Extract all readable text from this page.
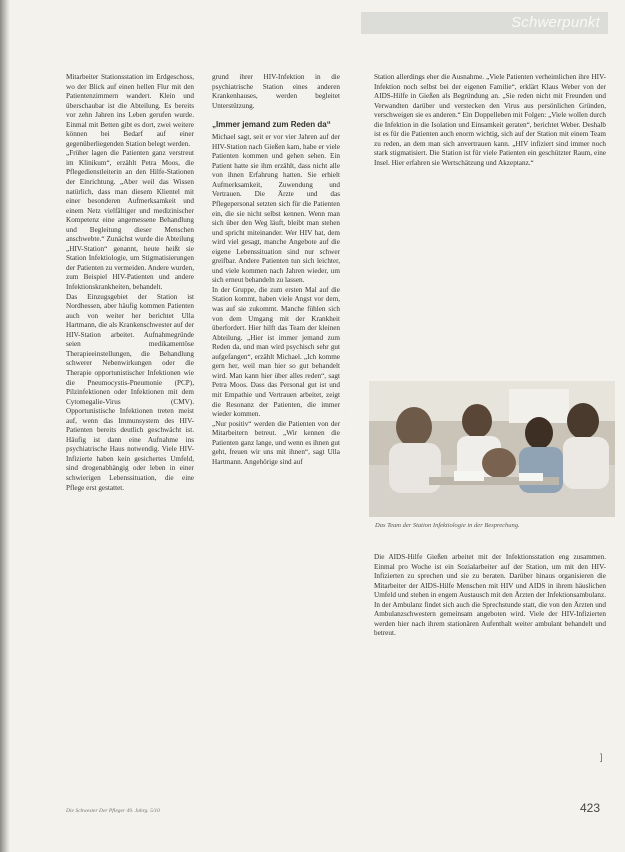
Schwerpunkt

Mitarbeiter Stationsstation im Erdgeschoss, wo der Blick auf einen hellen Flur mit den Patientenzimmern wandert. Klein und überschaubar ist die Abteilung. Es bereits vor zehn Jahren ins Leben gerufen wurde. Einmal mit Betten gibt es dort, zwei weitere können bei Bedarf auf einer gegenüberliegenden Station belegt werden.

„Früher lagen die Patienten ganz verstreut im Klinikum“, erzählt Petra Moos, die Pflegedienstleiterin an den Hilfe-Stationen der Einrichtung. „Aber weil das Wissen natürlich, dass man diesem Klientel mit einer besonderen Aufmerksamkeit und einem Netz vielfältiger und medizinischer Kompetenz eine angemessene Behandlung und Begleitung dieser Menschen anschwebte.“ Zunächst wurde die Abteilung „HIV-Station“ genannt, heute heißt sie Station Infektiologie, um Stigmatisierungen der Patienten zu vermeiden. Andere wurden, zum Beispiel HIV-Patienten und andere Infektionskrankheiten, behandelt.

Das Einzugsgebiet der Station ist Nordhessen, aber häufig kommen Patienten auch von weiter her berichtet Ulla Hartmann, die als Krankenschwester auf der HIV-Station arbeitet. Aufnahmegründe seien medikamentöse Therapieeinstellungen, die Behandlung schwerer Nebenwirkungen oder die Therapie opportunistischer Infektionen wie die Pneumocystis-Pneumonie (PCP), Pilzinfektionen oder Infektionen mit dem Cytomegalie-Virus (CMV). Opportunistische Infektionen treten meist auf, wenn das Immunsystem des HIV-Patienten bereits deutlich geschwächt ist. Häufig ist dann eine Aufnahme ins psychiatrische Haus notwendig. Viele HIV-Infizierte haben kein gesichertes Umfeld, sind drogenabhängig oder leben in einer schwierigen Lebenssituation, die eine Pflege erst gestattet.

grund ihrer HIV-Infektion in die psychiatrische Station eines anderen Krankenhauses, werden begleitet Unterstützung.

„Immer jemand zum Reden da“

Michael sagt, seit er vor vier Jahren auf der HIV-Station nach Gießen kam, habe er viele Patienten kommen und gehen sehen. Ein Patient hatte sie ihm erzählt, dass nicht alle von ihnen Erfahrung hatten. Sie erhielt Aufmerksamkeit, Zuwendung und Vertrauen. Die Ärzte und das Pflegepersonal setzten sich für die Patienten ein, die sie nicht selbst kennen. Wenn man sich über den Weg läuft, bleibt man stehen und spricht miteinander. Wer HIV hat, dem wird viel gesagt, manche Angebote auf die eigene Lebenssituation sind nur schwer greifbar. Andere Patienten tun sich leichter, und viele kommen nach Jahren wieder, um sich erneut behandeln zu lassen.

In der Gruppe, die zum ersten Mal auf die Station kommt, haben viele Angst vor dem, was auf sie zukommt. Manche fühlen sich von dem Umgang mit der Krankheit überfordert. Hier hilft das Team der kleinen Abteilung. „Hier ist immer jemand zum Reden da, und man wird psychisch sehr gut aufgefangen“, erzählt Michael. „Ich komme gern her, weil man hier so gut behandelt wird. Man kann hier über alles reden“, sagt Petra Moos. Dass das Personal gut ist und mit Empathie und Vertrauen arbeitet, zeigt die Resonanz der Patienten, die immer wieder kommen.

„Nur positiv“ werden die Patienten von der Mitarbeitern betreut. „Wir kennen die Patienten ganz lange, und wenn es ihnen gut geht, freuen wir uns mit ihnen“, sagt Ulla Hartmann. Angehörige sind auf

Station allerdings eher die Ausnahme. „Viele Patienten verheimlichen ihre HIV-Infektion noch selbst bei der eigenen Familie“, erklärt Klaus Weber von der AIDS-Hilfe in Gießen als Begründung an. „Sie reden nicht mit Freunden und Verwandten darüber und verstecken den Virus aus persönlichen Gründen, verschweigen sie es anderen.“ Ein Doppelleben mit Folgen: „Viele wollen durch die Infektion in die Isolation und Einsamkeit geraten“, berichtet Weber. Deshalb ist es für die Patienten auch enorm wichtig, sich auf der Station mit einem Team zu reden, an dem man sich anvertrauen kann. „HIV infiziert sind immer noch stark stigmatisiert. Die Station ist für viele Patienten ein geschützter Raum, eine Insel. Hier erfahren sie Wertschätzung und Akzeptanz.“

Foto: privat
Das Team der Station Infektiologie in der Besprechung.

Die AIDS-Hilfe Gießen arbeitet mit der Infektionsstation eng zusammen. Einmal pro Woche ist ein Sozialarbeiter auf der Station, um mit den HIV-Infizierten zu sprechen und sie zu beraten. Darüber hinaus organisieren die Mitarbeiter der AIDS-Hilfe Menschen mit HIV und AIDS in ihrem häuslichen Umfeld und stehen in engem Austausch mit den Ärzten der Infektionsambulanz. In der Ambulanz findet sich auch die Sprechstunde statt, die von den Ärzten und Ambulanzschwestern gemeinsam angeboten wird. Viele der HIV-Infizierten werden hier nach ihrem stationären Aufenthalt weiter ambulant behandelt und betreut.

]
Die Schwester Der Pfleger 49. Jahrg. 5/10	423
